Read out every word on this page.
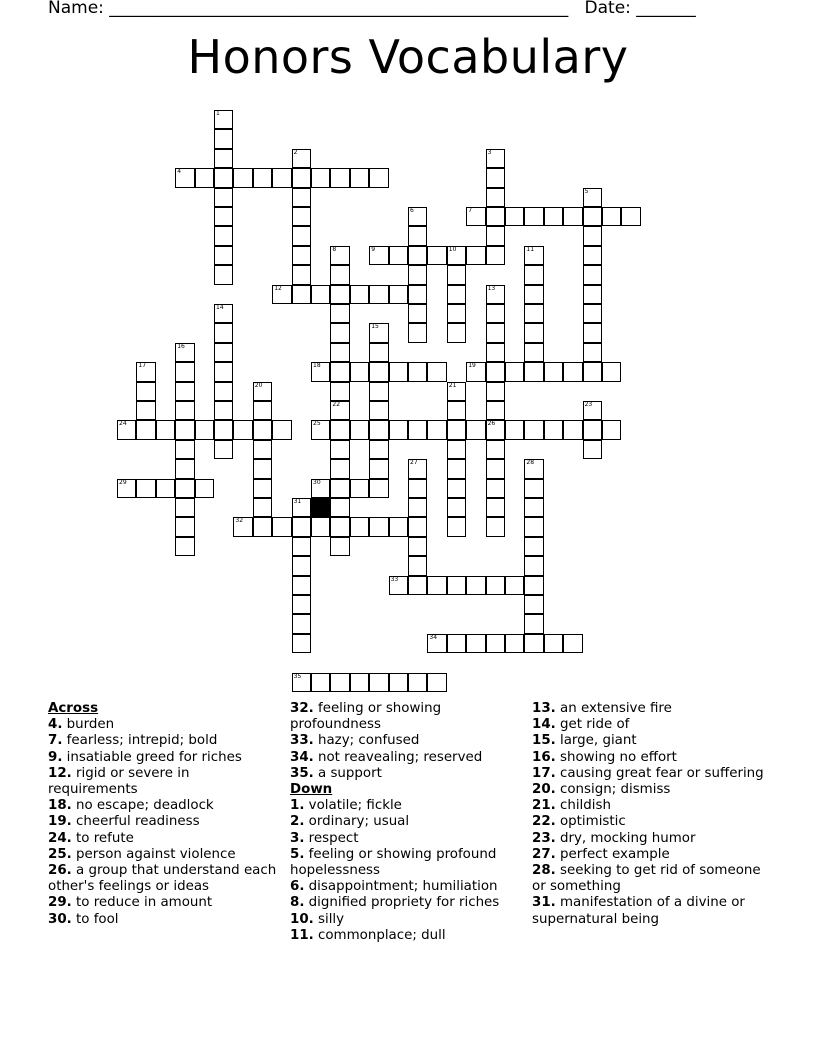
Name: ______________________________________________________ Date: _______
Honors Vocabulary
1
2	3
4
5
6	7
8	9	10	11
12	13
26
14
15
16
17	18	19
20	21
22	23
24	25
27	28
29	30
31
32
33
34
35
Across
4. burden
7. fearless; intrepid; bold
9. insatiable greed for riches
12. rigid or severe in requirements
18. no escape; deadlock
19. cheerful readiness
24. to refute
25. person against violence
26. a group that understand each other's feelings or ideas
29. to reduce in amount
30. to fool
32. feeling or showing profoundness
33. hazy; confused
34. not reavealing; reserved
35. a support
Down
1. volatile; fickle
2. ordinary; usual
3. respect
5. feeling or showing profound hopelessness
6. disappointment; humiliation
8. dignified propriety for riches
10. silly
11. commonplace; dull
13. an extensive fire
14. get ride of
15. large, giant
16. showing no effort
17. causing great fear or suffering
20. consign; dismiss
21. childish
22. optimistic
23. dry, mocking humor
27. perfect example
28. seeking to get rid of someone or something
31. manifestation of a divine or supernatural being
